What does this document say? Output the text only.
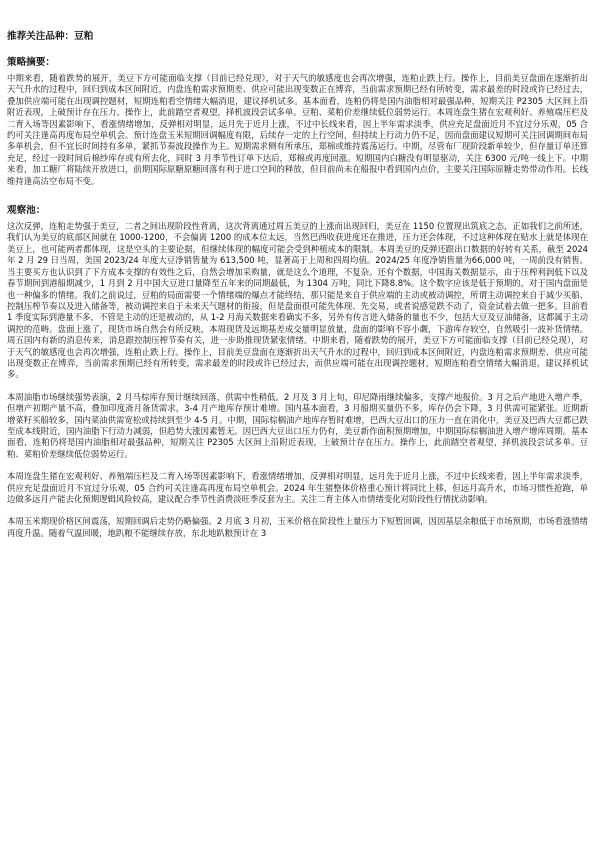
推荐关注品种：豆粕

策略摘要：

中期来看，随着跌势的展开，美豆下方可能面临支撑（目前已经兑现），对于天气的敏感度也会再次增强，连粕止跌上行。操作上，目前美豆盘面在逐渐折出天气升水的过程中，回归到成本区间附近，内盘连粕需求预期差、供应可能出现变数正在博弈，当前需求预期已经有所转变，需求最差的时段或许已经过去，叠加供应端可能在出现调控题材，短期连粕看空情绪大幅消退，建议择机试多。基本面看，连粕仍将是国内油脂相对最强品种，短期关注 P2305 大区间上沿附近表现，上破预计存在压力。操作上，此前踏空者观望，择机波段尝试多单。豆粕、菜粕价差继续低位弱势运行。本周连盘生猪在宏观利好、养殖端压栏及二育入场等因素影响下，看涨情绪增加，反弹相对明显，远月先于近月上涨，不过中长线来看，因上半年需求淡季，供应充足盘面近月不宜过分乐观，05 合约可关注逢高再度布局空单机会。预计连盘玉米短期回调幅度有限，后续存一定的上行空间，但持续上行动力仍不足，因而盘面建议短期可关注回调期间布局多单机会，但不宜长时间持有多单，紧抓节奏波段操作为主。短期需求侧有所承压，郑棉或维持震荡运行。中期，尽管布厂现阶段新单较少，但存量订单还算充足，经过一段时间后棉纱库存或有所去化，同时 3 月季节性订单下达后，郑棉或再度回涨。短期国内白糖没有明显驱动，关注 6300 元/吨一线上下。中期来看，加工糖厂将陆续开放进口，前期国际原糖原糖回落有利于进口空间的释放，但目前尚未在船报中看到国内点价，主要关注国际原糖走势带动作用。长线维持逢高沽空布局不变。

观察池：

这次反弹，连粕走势强于美豆，二者之间出现阶段性背离，这次背离通过周五美豆的上涨而出现回归，美豆在 1150 位置现出筑底之态，正如我们之前所述，我们认为美豆的底部区间就在 1000-1200，不会偏离 1200 的成本位太远，当然巴西收获进度还在推进，压力还会体现，不过这种体现在贴水上就是体现在美豆上，也可能两者都体现，这是空头的主要论据，但继续体现的幅度可能会受到种植成本的限制。本周美豆的反弹还跟出口数据的好转有关系，截至 2024 年 2 月 29 日当周，美国 2023/24 年度大豆净销售量为 613,500 吨，显著高于上周和四周均值。2024/25 年度净销售量为66,000 吨，一周前没有销售。当主要买方也认识到了下方成本支撑的有效性之后，自然会增加采购量，就是这么个道理，不复杂。还有个数据，中国海关数据显示，由于压榨利润低下以及春节期间到港船期减少，1 月到 2 月中国大豆进口量降至五年来的同期最低，为 1304 万吨，同比下降8.8%。这个数字应该是低于预期的，对于国内盘面是也一种偏多的情绪。我们之前说过，豆粕的局面需要一个情绪端的爆点才能终结，那只能是来自于供应端的主动或被动调控，所谓主动调控来自于减少买船、控制压榨节奏以及进入储备等，被动调控来自于未来天气题材的衔接，但是盘面很可能先体现、先交易，或者说感觉跌不动了，资金试着去做一把多。目前看 1 季度实际到港量不多，不管是主动的还是被动的，从 1-2 月海关数据来看确实不多，另外有传言进入储备的量也不少，包括大豆及豆油储备，这都属于主动调控的范畴。盘面上涨了，现货市场自然会有所反映，本周现货及远期基差成交量明显放量，盘面的影响不容小觑，下游库存较空，自然吸引一波补货情绪。周五国内有新的消息传来，消息跟控制压榨节奏有关，进一步助推现货紧张情绪。中期来看，随着跌势的展开，美豆下方可能面临支撑（目前已经兑现），对于天气的敏感度也会再次增强，连粕止跌上行。操作上，目前美豆盘面在逐渐折出天气升水的过程中，回归到成本区间附近，内盘连粕需求预期差、供应可能出现变数正在博弈，当前需求预期已经有所转变，需求最差的时段或许已经过去，而供应端可能在出现调控题材，短期连粕看空情绪大幅消退，建议择机试多。

本周油脂市场继续强势表演，2 月马棕库存预计继续回落，供需中性稍低。2 月及 3 月上旬，印尼降雨继续偏多，支撑产地报价。3 月之后产地进入增产季，但增产初期产量不高，叠加印度斋月备货需求，3-4 月产地库存预计难增。国内基本面看，3 月船期买量仍不多，库存仍会下降，3 月供需可能紧张。近期新增菜籽买船较多，国内菜油供需宽松或持续到至少 4-5 月。中期，国际棕榈油产地库存暂时难增，巴西大豆出口的压力一直在消化中，美豆及巴西大豆都已跌至成本线附近，国内油脂下行动力减弱，但趋势大涨因素暂无。因巴西大豆出口压力仍有，美豆新作面积预期增加，中期国际棕榈油进入增产增库周期。基本面看，连粕仍将是国内油脂相对最强品种，短期关注 P2305 大区间上沿附近表现，上破预计存在压力。操作上，此前踏空者观望，择机波段尝试多单。豆粕、菜粕价差继续低位弱势运行。

本周连盘生猪在宏观利好、养殖端压栏及二育入场等因素影响下，看涨情绪增加，反弹相对明显，远月先于近月上涨，不过中长线来看，因上半年需求淡季，供应充足盘面近月不宜过分乐观，05 合约可关注逢高再度布局空单机会。2024 年生猪整体价格重心预计将同比上移，但远月高升水，市场习惯性抢跑，单边做多远月产能去化预期逻辑风险较高，建议配合季节性消费淡旺季反套为主。关注二育主体入市情绪变化对阶段性行情扰动影响。

本周玉米期现价格区间震荡，短期回调后走势仍略偏强。2 月底 3 月初，玉米价格在阶段性上量压力下短暂回调，因因基层余粮低于市场预期，市场看涨情绪再度升温。随着气温回暖，地趴粮不能继续存放，东北地趴粮预计在 3
